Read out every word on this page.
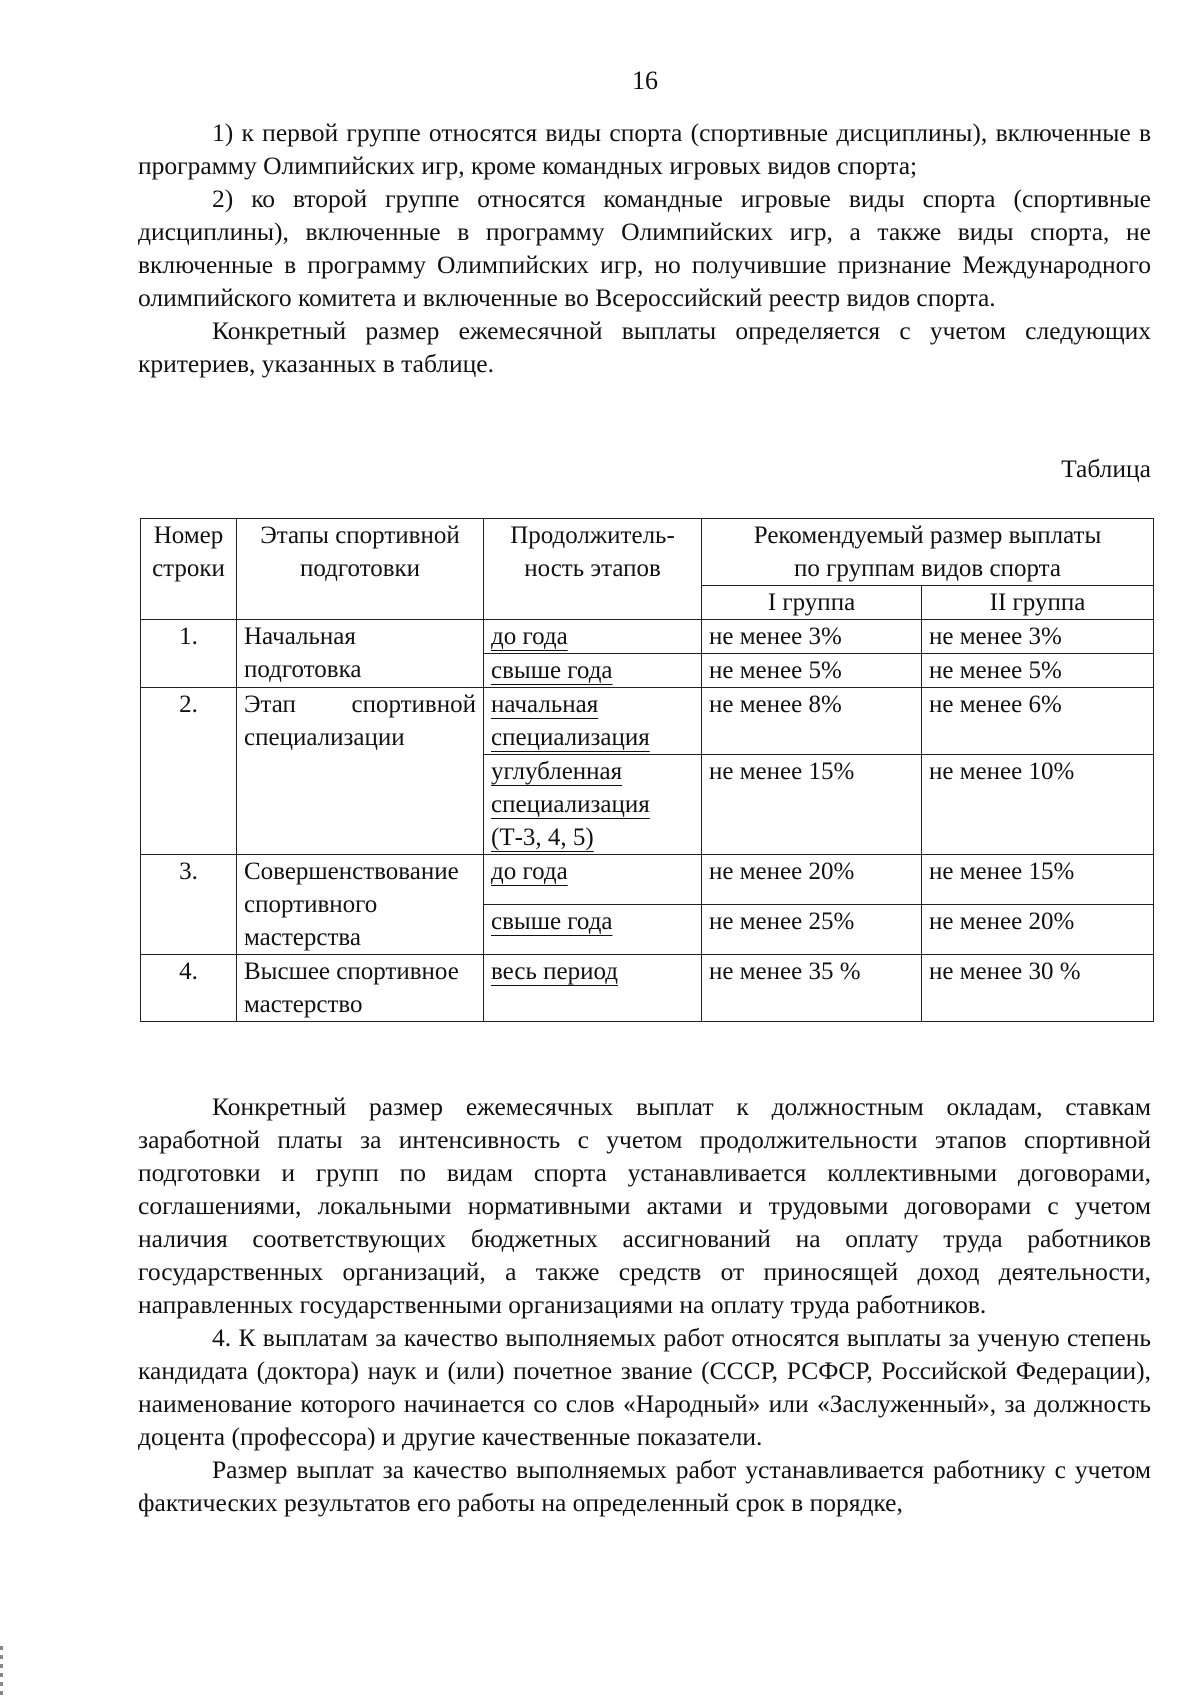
16

1) к первой группе относятся виды спорта (спортивные дисциплины), включенные в программу Олимпийских игр, кроме командных игровых видов спорта;

2) ко второй группе относятся командные игровые виды спорта (спортивные дисциплины), включенные в программу Олимпийских игр, а также виды спорта, не включенные в программу Олимпийских игр, но получившие признание Международного олимпийского комитета и включенные во Всероссийский реестр видов спорта.

Конкретный размер ежемесячной выплаты определяется с учетом следующих критериев, указанных в таблице.

Таблица
Номер строки	Этапы спортивной подготовки	Продолжитель-ность этапов	Рекомендуемый размер выплаты по группам видов спорта	
			I группа	II группа
1.	Начальная подготовка	до года	не менее 3%	не менее 3%
		свыше года	не менее 5%	не менее 5%
2.	Этап спортивной специализации	начальная специализация	не менее 8%	не менее 6%
		углубленная специализация (Т-3, 4, 5)	не менее 15%	не менее 10%
3.	Совершенствование спортивного мастерства	до года	не менее 20%	не менее 15%
		свыше года	не менее 25%	не менее 20%
4.	Высшее спортивное мастерство	весь период	не менее 35 %	не менее 30 %

Конкретный размер ежемесячных выплат к должностным окладам, ставкам заработной платы за интенсивность с учетом продолжительности этапов спортивной подготовки и групп по видам спорта устанавливается коллективными договорами, соглашениями, локальными нормативными актами и трудовыми договорами с учетом наличия соответствующих бюджетных ассигнований на оплату труда работников государственных организаций, а также средств от приносящей доход деятельности, направленных государственными организациями на оплату труда работников.

4. К выплатам за качество выполняемых работ относятся выплаты за ученую степень кандидата (доктора) наук и (или) почетное звание (СССР, РСФСР, Российской Федерации), наименование которого начинается со слов «Народный» или «Заслуженный», за должность доцента (профессора) и другие качественные показатели.

Размер выплат за качество выполняемых работ устанавливается работнику с учетом фактических результатов его работы на определенный срок в порядке,
